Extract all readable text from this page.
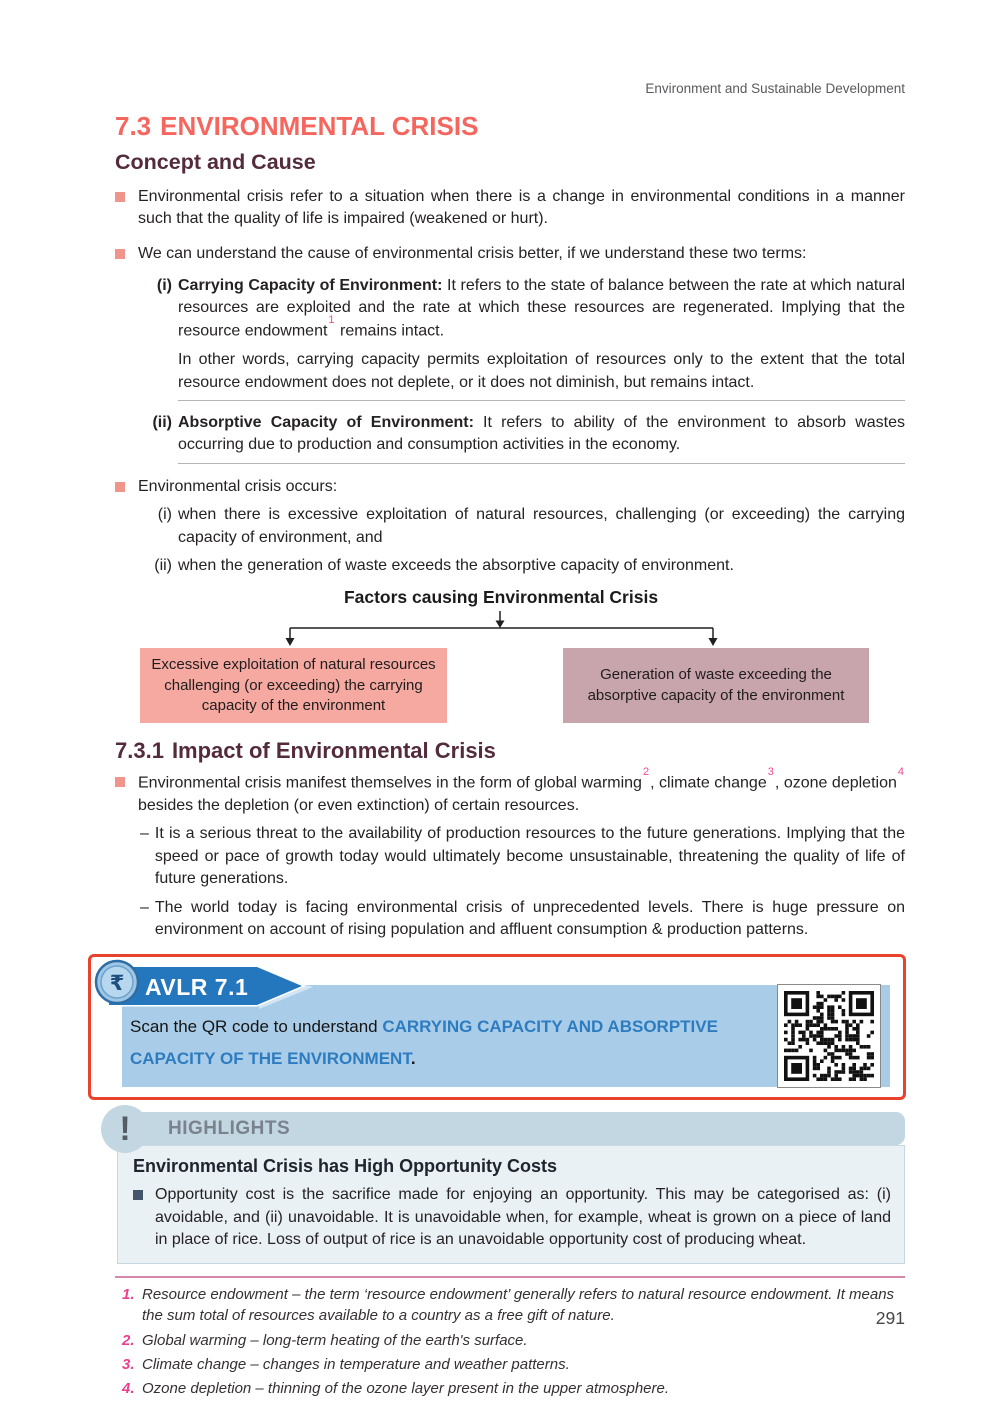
Environment and Sustainable Development
7.3 ENVIRONMENTAL CRISIS
Concept and Cause

Environmental crisis refer to a situation when there is a change in environmental conditions in a manner such that the quality of life is impaired (weakened or hurt).

We can understand the cause of environmental crisis better, if we understand these two terms:

(i) Carrying Capacity of Environment: It refers to the state of balance between the rate at which natural resources are exploited and the rate at which these resources are regenerated. Implying that the resource endowment$^1$ remains intact.

In other words, carrying capacity permits exploitation of resources only to the extent that the total resource endowment does not deplete, or it does not diminish, but remains intact.

(ii) Absorptive Capacity of Environment: It refers to ability of the environment to absorb wastes occurring due to production and consumption activities in the economy.

Environmental crisis occurs:

(i) when there is excessive exploitation of natural resources, challenging (or exceeding) the carrying capacity of environment, and

(ii) when the generation of waste exceeds the absorptive capacity of environment.

Factors causing Environmental Crisis
Excessive exploitation of natural resources challenging (or exceeding) the carrying capacity of the environment
Generation of waste exceeding the absorptive capacity of the environment
7.3.1 Impact of Environmental Crisis

Environmental crisis manifest themselves in the form of global warming$^2$, climate change$^3$, ozone depletion$^4$ besides the depletion (or even extinction) of certain resources.

– It is a serious threat to the availability of production resources to the future generations. Implying that the speed or pace of growth today would ultimately become unsustainable, threatening the quality of life of future generations.

– The world today is facing environmental crisis of unprecedented levels. There is huge pressure on environment on account of rising population and affluent consumption & production patterns.

Scan the QR code to understand CARRYING CAPACITY AND ABSORPTIVE CAPACITY OF THE ENVIRONMENT.

AVLR 7.1
₹
!	HIGHLIGHTS
Environmental Crisis has High Opportunity Costs

Opportunity cost is the sacrifice made for enjoying an opportunity. This may be categorised as: (i) avoidable, and (ii) unavoidable. It is unavoidable when, for example, wheat is grown on a piece of land in place of rice. Loss of output of rice is an unavoidable opportunity cost of producing wheat.

1. Resource endowment – the term ‘resource endowment’ generally refers to natural resource endowment. It means the sum total of resources available to a country as a free gift of nature.

2. Global warming – long-term heating of the earth's surface.

3. Climate change – changes in temperature and weather patterns.

4. Ozone depletion – thinning of the ozone layer present in the upper atmosphere.

291
